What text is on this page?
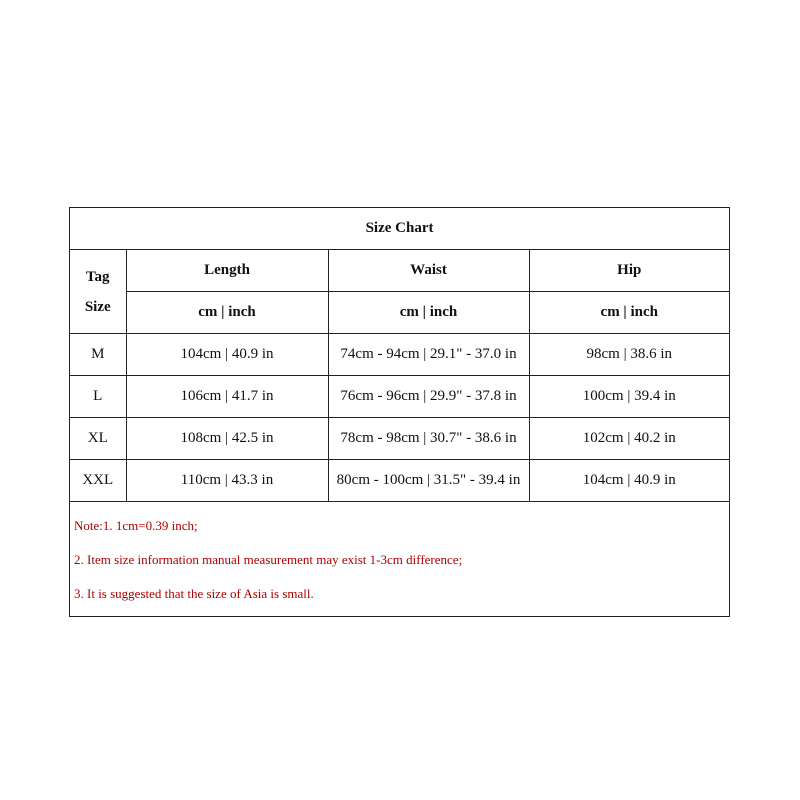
Size Chart			

Tag
Size	Length	Waist	Hip
	cm | inch	cm | inch	cm | inch
M	104cm | 40.9 in	74cm - 94cm | 29.1" - 37.0 in	98cm | 38.6 in
L	106cm | 41.7 in	76cm - 96cm | 29.9" - 37.8 in	100cm | 39.4 in
XL	108cm | 42.5 in	78cm - 98cm | 30.7" - 38.6 in	102cm | 40.2 in
XXL	110cm | 43.3 in	80cm - 100cm | 31.5" - 39.4 in	104cm | 40.9 in
Note:1. 1cm=0.39 inch;
2. Item size information manual measurement may exist 1-3cm difference;
3. It is suggested that the size of Asia is small.
